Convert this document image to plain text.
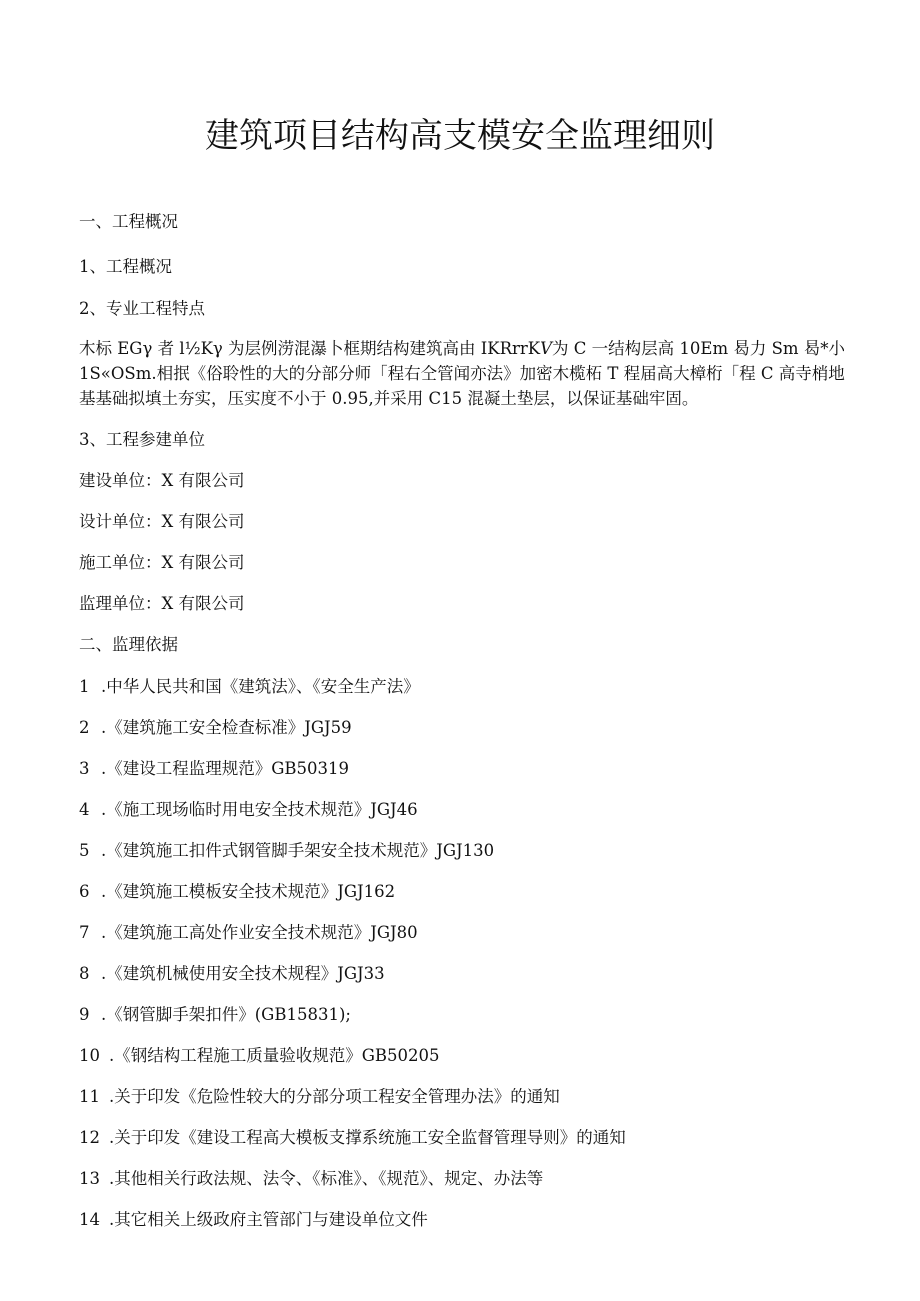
建筑项目结构高支模安全监理细则

一、工程概况

1、工程概况

2、专业工程特点

木标 EGγ 者 l½Kγ 为层例涝混瀑卜框期结构建筑高由 IKRrrK𝑉为 C 一结构层高 10Em 曷力 Sm 曷*小
1S«OSm.相抿《俗聆性的大的分部分师「程右仝管闻亦法》加密木榄柘 T 程届高大樟桁「程 C 高寺梢地
基基础拟填土夯实，压实度不小于 0.95,并采用 C15 混凝土垫层，以保证基础牢固。

3、工程参建单位

建设单位：X 有限公司

设计单位：X 有限公司

施工单位：X 有限公司

监理单位：X 有限公司

二、监理依据

1 .中华人民共和国《建筑法》、《安全生产法》

2 .《建筑施工安全检查标准》JGJ59

3 .《建设工程监理规范》GB50319

4 .《施工现场临时用电安全技术规范》JGJ46

5 .《建筑施工扣件式钢管脚手架安全技术规范》JGJ130

6 .《建筑施工模板安全技术规范》JGJ162

7 .《建筑施工高处作业安全技术规范》JGJ80

8 .《建筑机械使用安全技术规程》JGJ33

9 .《钢管脚手架扣件》(GB15831);

10 .《钢结构工程施工质量验收规范》GB50205

11 .关于印发《危险性较大的分部分项工程安全管理办法》的通知

12 .关于印发《建设工程高大模板支撑系统施工安全监督管理导则》的通知

13 .其他相关行政法规、法令、《标准》、《规范》、规定、办法等

14 .其它相关上级政府主管部门与建设单位文件
